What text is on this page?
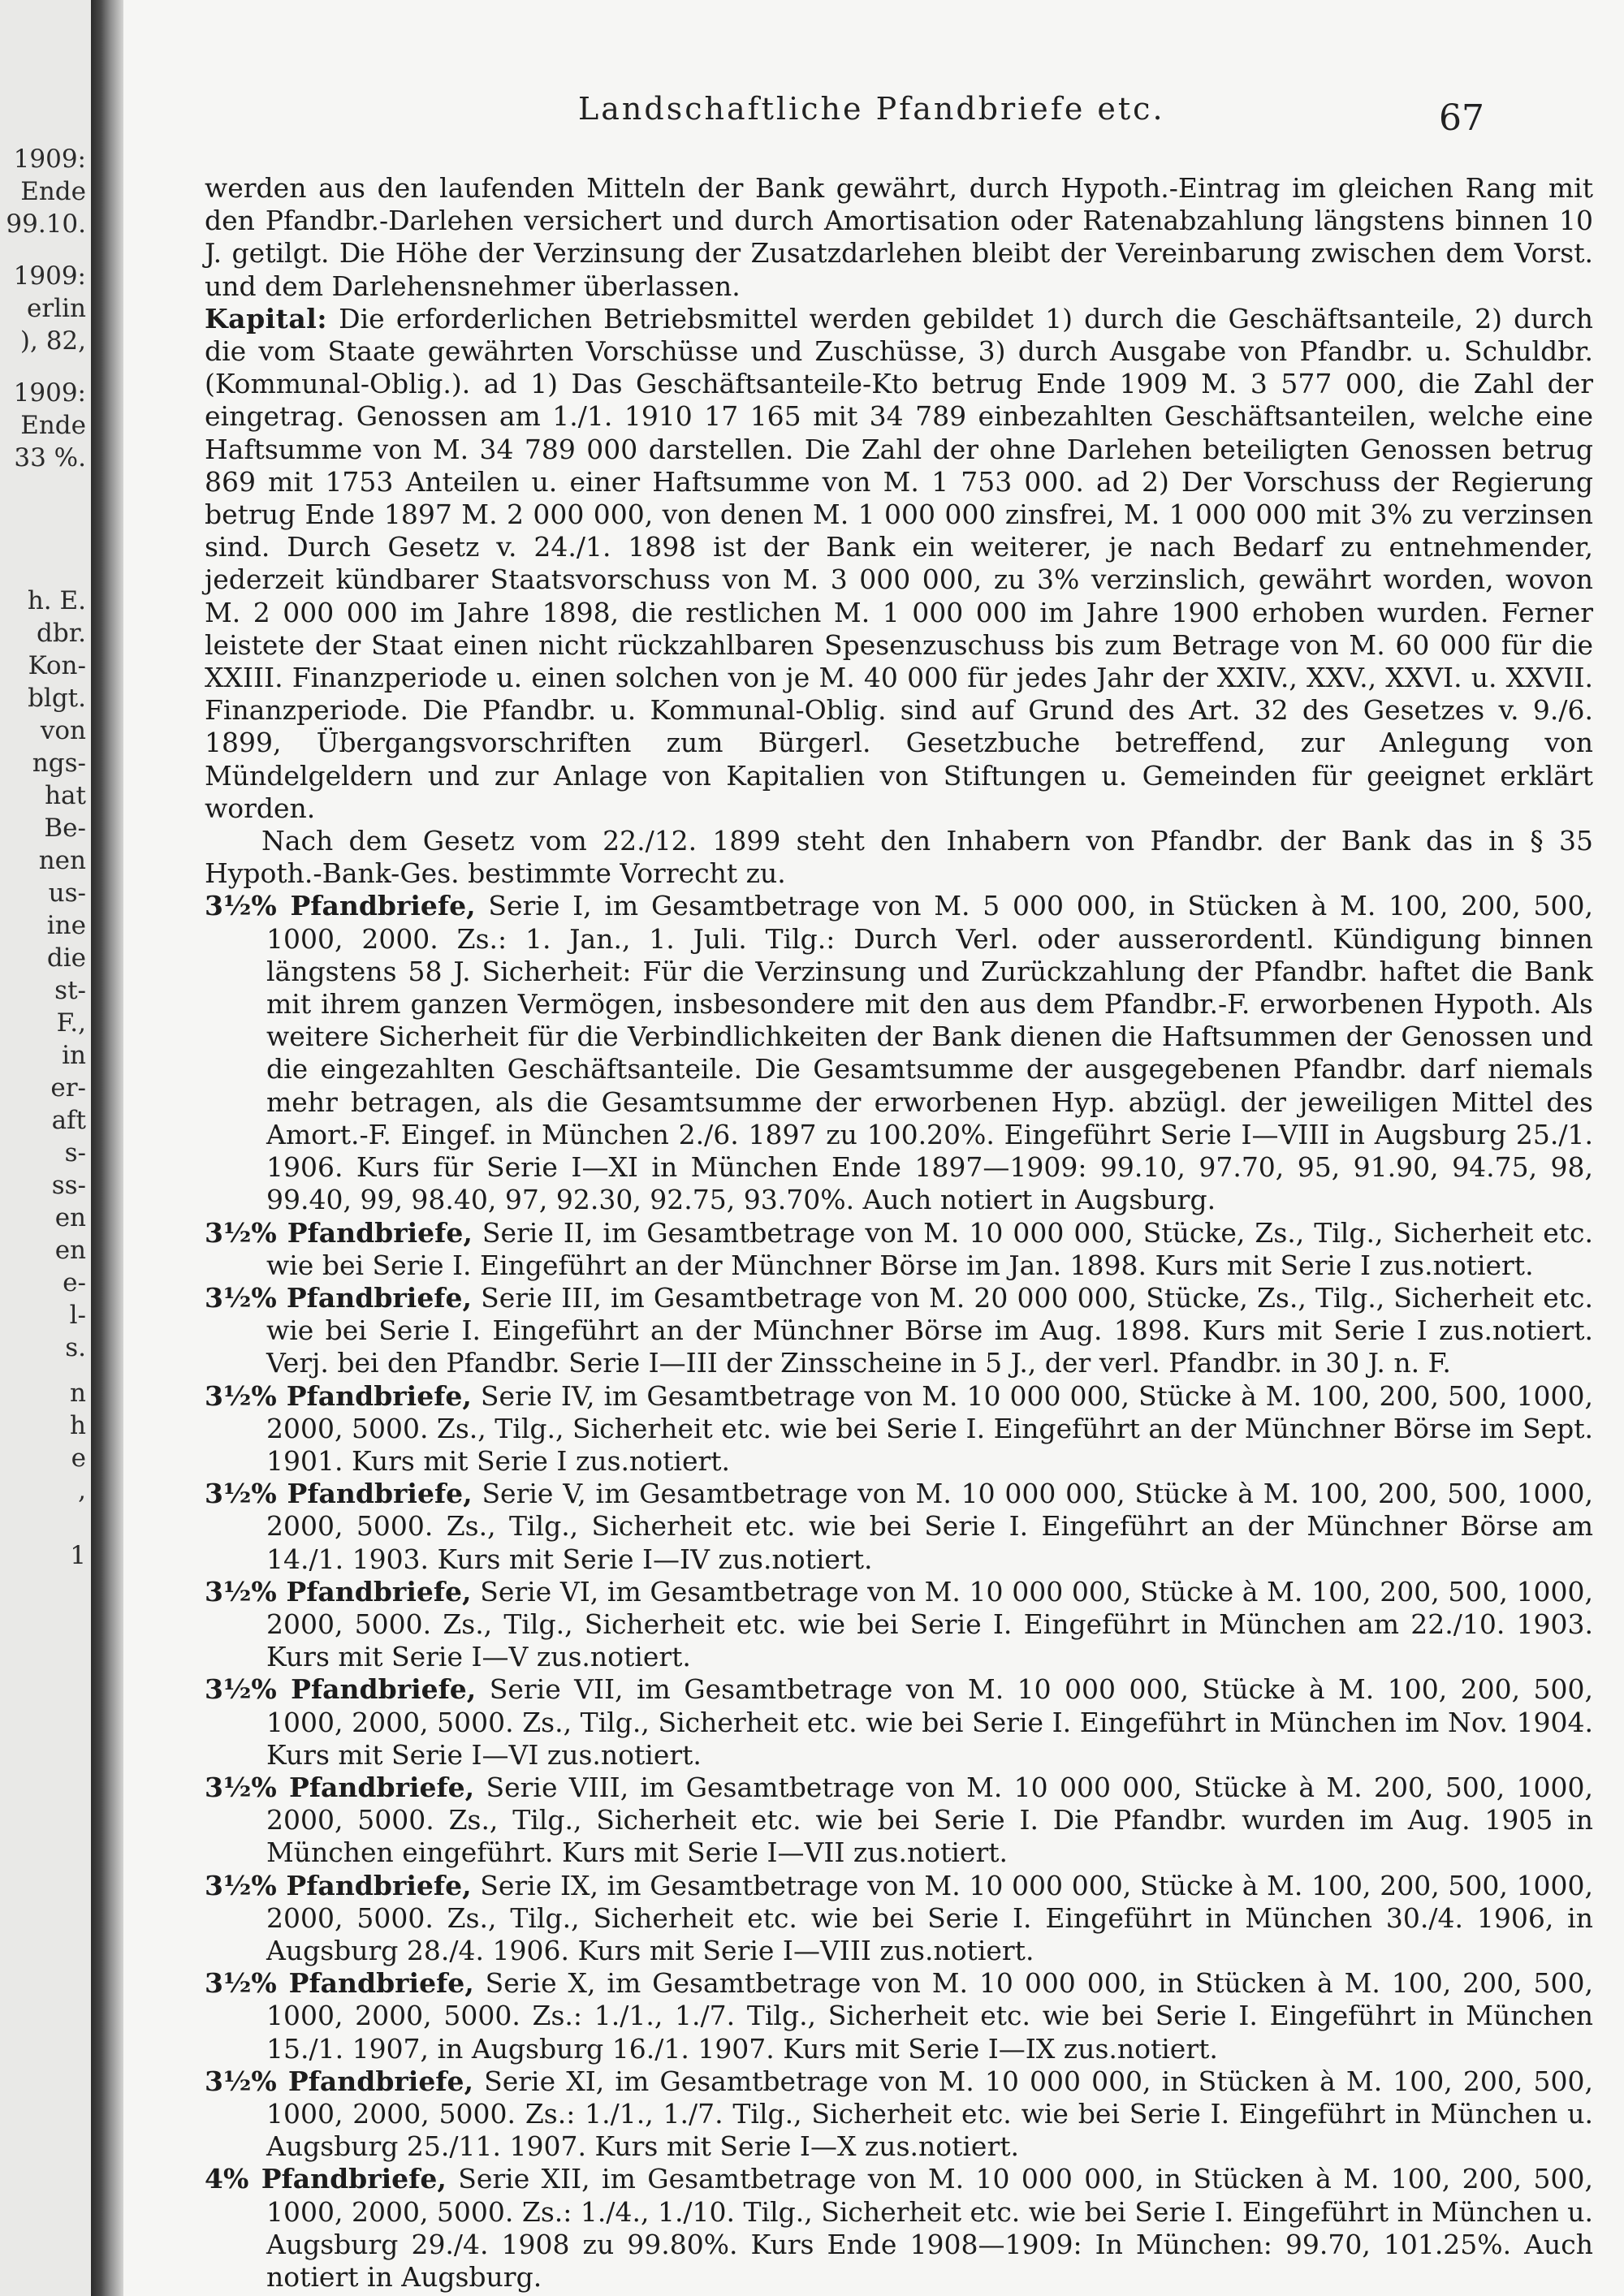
1909:
Ende
99.10.
1909:
erlin
), 82,
1909:
Ende
33 %.
h. E.
dbr.
Kon-
blgt.
von
ngs-
hat
Be-
nen
us-
ine
die
st-
F.,
in
er-
aft
s-
ss-
en
en
e-
l-
s.
n
h
e
,
1
Landschaftliche Pfandbriefe etc.	67

werden aus den laufenden Mitteln der Bank gewährt, durch Hypoth.-Eintrag im gleichen Rang mit den Pfandbr.-Darlehen versichert und durch Amortisation oder Ratenabzahlung längstens binnen 10 J. getilgt. Die Höhe der Verzinsung der Zusatzdarlehen bleibt der Vereinbarung zwischen dem Vorst. und dem Darlehensnehmer überlassen.

Kapital: Die erforderlichen Betriebsmittel werden gebildet 1) durch die Geschäftsanteile, 2) durch die vom Staate gewährten Vorschüsse und Zuschüsse, 3) durch Ausgabe von Pfandbr. u. Schuldbr. (Kommunal-Oblig.). ad 1) Das Geschäftsanteile-Kto betrug Ende 1909 M. 3 577 000, die Zahl der eingetrag. Genossen am 1./1. 1910 17 165 mit 34 789 einbezahlten Geschäftsanteilen, welche eine Haftsumme von M. 34 789 000 darstellen. Die Zahl der ohne Darlehen beteiligten Genossen betrug 869 mit 1753 Anteilen u. einer Haftsumme von M. 1 753 000. ad 2) Der Vorschuss der Regierung betrug Ende 1897 M. 2 000 000, von denen M. 1 000 000 zinsfrei, M. 1 000 000 mit 3% zu verzinsen sind. Durch Gesetz v. 24./1. 1898 ist der Bank ein weiterer, je nach Bedarf zu entnehmender, jederzeit kündbarer Staatsvorschuss von M. 3 000 000, zu 3% verzinslich, gewährt worden, wovon M. 2 000 000 im Jahre 1898, die restlichen M. 1 000 000 im Jahre 1900 erhoben wurden. Ferner leistete der Staat einen nicht rückzahlbaren Spesenzuschuss bis zum Betrage von M. 60 000 für die XXIII. Finanzperiode u. einen solchen von je M. 40 000 für jedes Jahr der XXIV., XXV., XXVI. u. XXVII. Finanzperiode. Die Pfandbr. u. Kommunal-Oblig. sind auf Grund des Art. 32 des Gesetzes v. 9./6. 1899, Übergangsvorschriften zum Bürgerl. Gesetzbuche betreffend, zur Anlegung von Mündelgeldern und zur Anlage von Kapitalien von Stiftungen u. Gemeinden für geeignet erklärt worden.

Nach dem Gesetz vom 22./12. 1899 steht den Inhabern von Pfandbr. der Bank das in § 35 Hypoth.-Bank-Ges. bestimmte Vorrecht zu.

3½% Pfandbriefe, Serie I, im Gesamtbetrage von M. 5 000 000, in Stücken à M. 100, 200, 500, 1000, 2000. Zs.: 1. Jan., 1. Juli. Tilg.: Durch Verl. oder ausserordentl. Kündigung binnen längstens 58 J. Sicherheit: Für die Verzinsung und Zurückzahlung der Pfandbr. haftet die Bank mit ihrem ganzen Vermögen, insbesondere mit den aus dem Pfandbr.-F. erworbenen Hypoth. Als weitere Sicherheit für die Verbindlichkeiten der Bank dienen die Haftsummen der Genossen und die eingezahlten Geschäftsanteile. Die Gesamtsumme der ausgegebenen Pfandbr. darf niemals mehr betragen, als die Gesamtsumme der erworbenen Hyp. abzügl. der jeweiligen Mittel des Amort.-F. Eingef. in München 2./6. 1897 zu 100.20%. Eingeführt Serie I—VIII in Augsburg 25./1. 1906. Kurs für Serie I—XI in München Ende 1897—1909: 99.10, 97.70, 95, 91.90, 94.75, 98, 99.40, 99, 98.40, 97, 92.30, 92.75, 93.70%. Auch notiert in Augsburg.

3½% Pfandbriefe, Serie II, im Gesamtbetrage von M. 10 000 000, Stücke, Zs., Tilg., Sicherheit etc. wie bei Serie I. Eingeführt an der Münchner Börse im Jan. 1898. Kurs mit Serie I zus.notiert.

3½% Pfandbriefe, Serie III, im Gesamtbetrage von M. 20 000 000, Stücke, Zs., Tilg., Sicherheit etc. wie bei Serie I. Eingeführt an der Münchner Börse im Aug. 1898. Kurs mit Serie I zus.notiert. Verj. bei den Pfandbr. Serie I—III der Zinsscheine in 5 J., der verl. Pfandbr. in 30 J. n. F.

3½% Pfandbriefe, Serie IV, im Gesamtbetrage von M. 10 000 000, Stücke à M. 100, 200, 500, 1000, 2000, 5000. Zs., Tilg., Sicherheit etc. wie bei Serie I. Eingeführt an der Münchner Börse im Sept. 1901. Kurs mit Serie I zus.notiert.

3½% Pfandbriefe, Serie V, im Gesamtbetrage von M. 10 000 000, Stücke à M. 100, 200, 500, 1000, 2000, 5000. Zs., Tilg., Sicherheit etc. wie bei Serie I. Eingeführt an der Münchner Börse am 14./1. 1903. Kurs mit Serie I—IV zus.notiert.

3½% Pfandbriefe, Serie VI, im Gesamtbetrage von M. 10 000 000, Stücke à M. 100, 200, 500, 1000, 2000, 5000. Zs., Tilg., Sicherheit etc. wie bei Serie I. Eingeführt in München am 22./10. 1903. Kurs mit Serie I—V zus.notiert.

3½% Pfandbriefe, Serie VII, im Gesamtbetrage von M. 10 000 000, Stücke à M. 100, 200, 500, 1000, 2000, 5000. Zs., Tilg., Sicherheit etc. wie bei Serie I. Eingeführt in München im Nov. 1904. Kurs mit Serie I—VI zus.notiert.

3½% Pfandbriefe, Serie VIII, im Gesamtbetrage von M. 10 000 000, Stücke à M. 200, 500, 1000, 2000, 5000. Zs., Tilg., Sicherheit etc. wie bei Serie I. Die Pfandbr. wurden im Aug. 1905 in München eingeführt. Kurs mit Serie I—VII zus.notiert.

3½% Pfandbriefe, Serie IX, im Gesamtbetrage von M. 10 000 000, Stücke à M. 100, 200, 500, 1000, 2000, 5000. Zs., Tilg., Sicherheit etc. wie bei Serie I. Eingeführt in München 30./4. 1906, in Augsburg 28./4. 1906. Kurs mit Serie I—VIII zus.notiert.

3½% Pfandbriefe, Serie X, im Gesamtbetrage von M. 10 000 000, in Stücken à M. 100, 200, 500, 1000, 2000, 5000. Zs.: 1./1., 1./7. Tilg., Sicherheit etc. wie bei Serie I. Eingeführt in München 15./1. 1907, in Augsburg 16./1. 1907. Kurs mit Serie I—IX zus.notiert.

3½% Pfandbriefe, Serie XI, im Gesamtbetrage von M. 10 000 000, in Stücken à M. 100, 200, 500, 1000, 2000, 5000. Zs.: 1./1., 1./7. Tilg., Sicherheit etc. wie bei Serie I. Eingeführt in München u. Augsburg 25./11. 1907. Kurs mit Serie I—X zus.notiert.

4% Pfandbriefe, Serie XII, im Gesamtbetrage von M. 10 000 000, in Stücken à M. 100, 200, 500, 1000, 2000, 5000. Zs.: 1./4., 1./10. Tilg., Sicherheit etc. wie bei Serie I. Eingeführt in München u. Augsburg 29./4. 1908 zu 99.80%. Kurs Ende 1908—1909: In München: 99.70, 101.25%. Auch notiert in Augsburg.
